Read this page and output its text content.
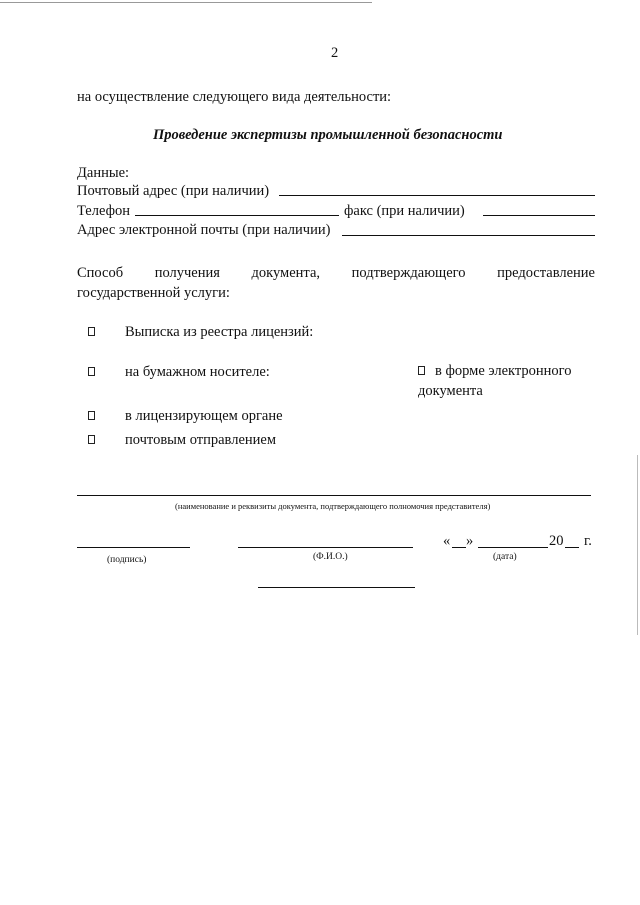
2
на осуществление следующего вида деятельности:
Проведение экспертизы промышленной безопасности
Данные:
Почтовый адрес (при наличии)
Телефон	факс (при наличии)
Адрес электронной почты (при наличии)
Способ получения документа, подтверждающего предоставление
государственной услуги:
Выписка из реестра лицензий:
на бумажном носителе:	в форме электронного
документа
в лицензирующем органе
почтовым отправлением
(наименование и реквизиты документа, подтверждающего полномочия представителя)
« »	20 г.
(подпись)	(Ф.И.О.)	(дата)
